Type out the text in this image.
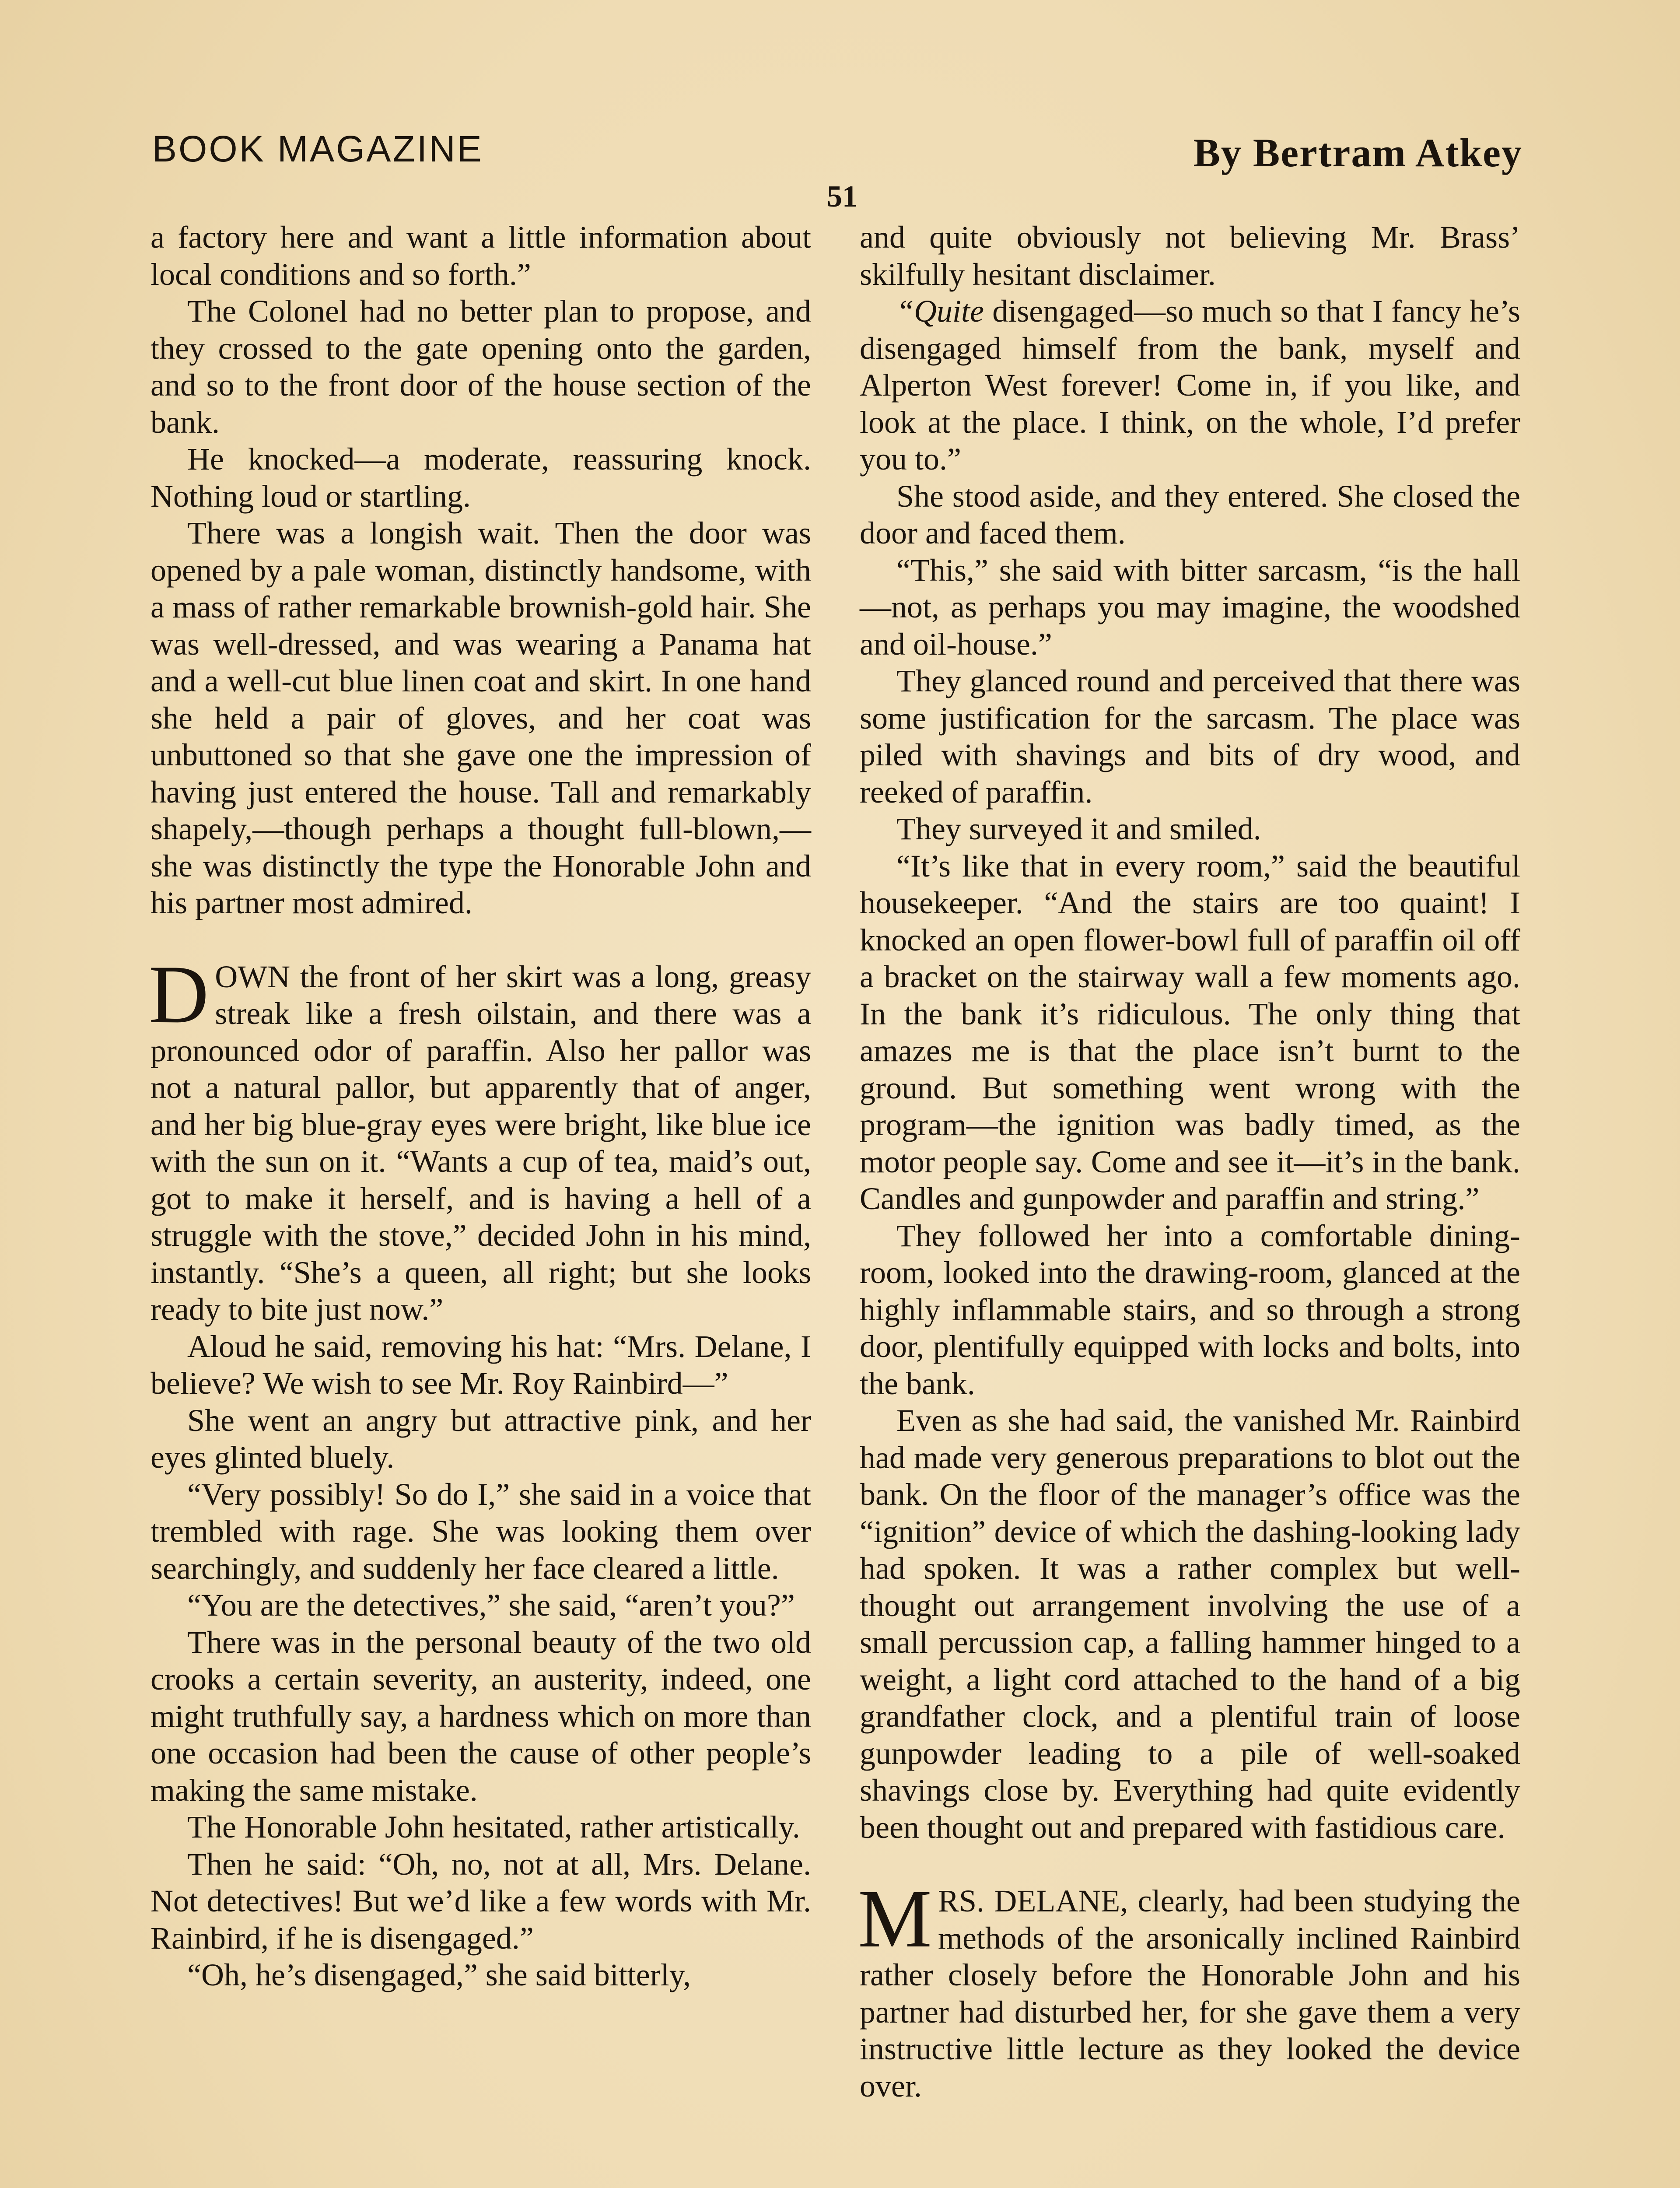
BOOK MAGAZINE	By Bertram Atkey
51

a factory here and want a little information about local conditions and so forth.”

The Colonel had no better plan to propose, and they crossed to the gate opening onto the garden, and so to the front door of the house section of the bank.

He knocked—a moderate, reassuring knock. Nothing loud or startling.

There was a longish wait. Then the door was opened by a pale woman, distinctly handsome, with a mass of rather remarkable brownish-gold hair. She was well-dressed, and was wearing a Panama hat and a well-cut blue linen coat and skirt. In one hand she held a pair of gloves, and her coat was unbuttoned so that she gave one the impression of having just entered the house. Tall and remarkably shapely,—though perhaps a thought full-blown,—she was distinctly the type the Honorable John and his partner most admired.

DOWN the front of her skirt was a long, greasy streak like a fresh oilstain, and there was a pronounced odor of paraffin. Also her pallor was not a natural pallor, but apparently that of anger, and her big blue-gray eyes were bright, like blue ice with the sun on it. “Wants a cup of tea, maid’s out, got to make it herself, and is having a hell of a struggle with the stove,” decided John in his mind, instantly. “She’s a queen, all right; but she looks ready to bite just now.”

Aloud he said, removing his hat: “Mrs. Delane, I believe? We wish to see Mr. Roy Rainbird—”

She went an angry but attractive pink, and her eyes glinted bluely.

“Very possibly! So do I,” she said in a voice that trembled with rage. She was looking them over searchingly, and suddenly her face cleared a little.

“You are the detectives,” she said, “aren’t you?”

There was in the personal beauty of the two old crooks a certain severity, an austerity, indeed, one might truthfully say, a hardness which on more than one occasion had been the cause of other people’s making the same mistake.

The Honorable John hesitated, rather artistically.

Then he said: “Oh, no, not at all, Mrs. Delane. Not detectives! But we’d like a few words with Mr. Rainbird, if he is disengaged.”

“Oh, he’s disengaged,” she said bitterly,

and quite obviously not believing Mr. Brass’ skilfully hesitant disclaimer.

“Quite disengaged—so much so that I fancy he’s disengaged himself from the bank, myself and Alperton West forever! Come in, if you like, and look at the place. I think, on the whole, I’d prefer you to.”

She stood aside, and they entered. She closed the door and faced them.

“This,” she said with bitter sarcasm, “is the hall—not, as perhaps you may imagine, the woodshed and oil-house.”

They glanced round and perceived that there was some justification for the sarcasm. The place was piled with shavings and bits of dry wood, and reeked of paraffin.

They surveyed it and smiled.

“It’s like that in every room,” said the beautiful housekeeper. “And the stairs are too quaint! I knocked an open flower-bowl full of paraffin oil off a bracket on the stairway wall a few moments ago. In the bank it’s ridiculous. The only thing that amazes me is that the place isn’t burnt to the ground. But something went wrong with the program—the ignition was badly timed, as the motor people say. Come and see it—it’s in the bank. Candles and gunpowder and paraffin and string.”

They followed her into a comfortable dining-room, looked into the drawing-room, glanced at the highly inflammable stairs, and so through a strong door, plentifully equipped with locks and bolts, into the bank.

Even as she had said, the vanished Mr. Rainbird had made very generous preparations to blot out the bank. On the floor of the manager’s office was the “ignition” device of which the dashing-looking lady had spoken. It was a rather complex but well-thought out arrangement involving the use of a small percussion cap, a falling hammer hinged to a weight, a light cord attached to the hand of a big grandfather clock, and a plentiful train of loose gunpowder leading to a pile of well-soaked shavings close by. Everything had quite evidently been thought out and prepared with fastidious care.

MRS. DELANE, clearly, had been studying the methods of the arsonically inclined Rainbird rather closely before the Honorable John and his partner had disturbed her, for she gave them a very instructive little lecture as they looked the device over.
